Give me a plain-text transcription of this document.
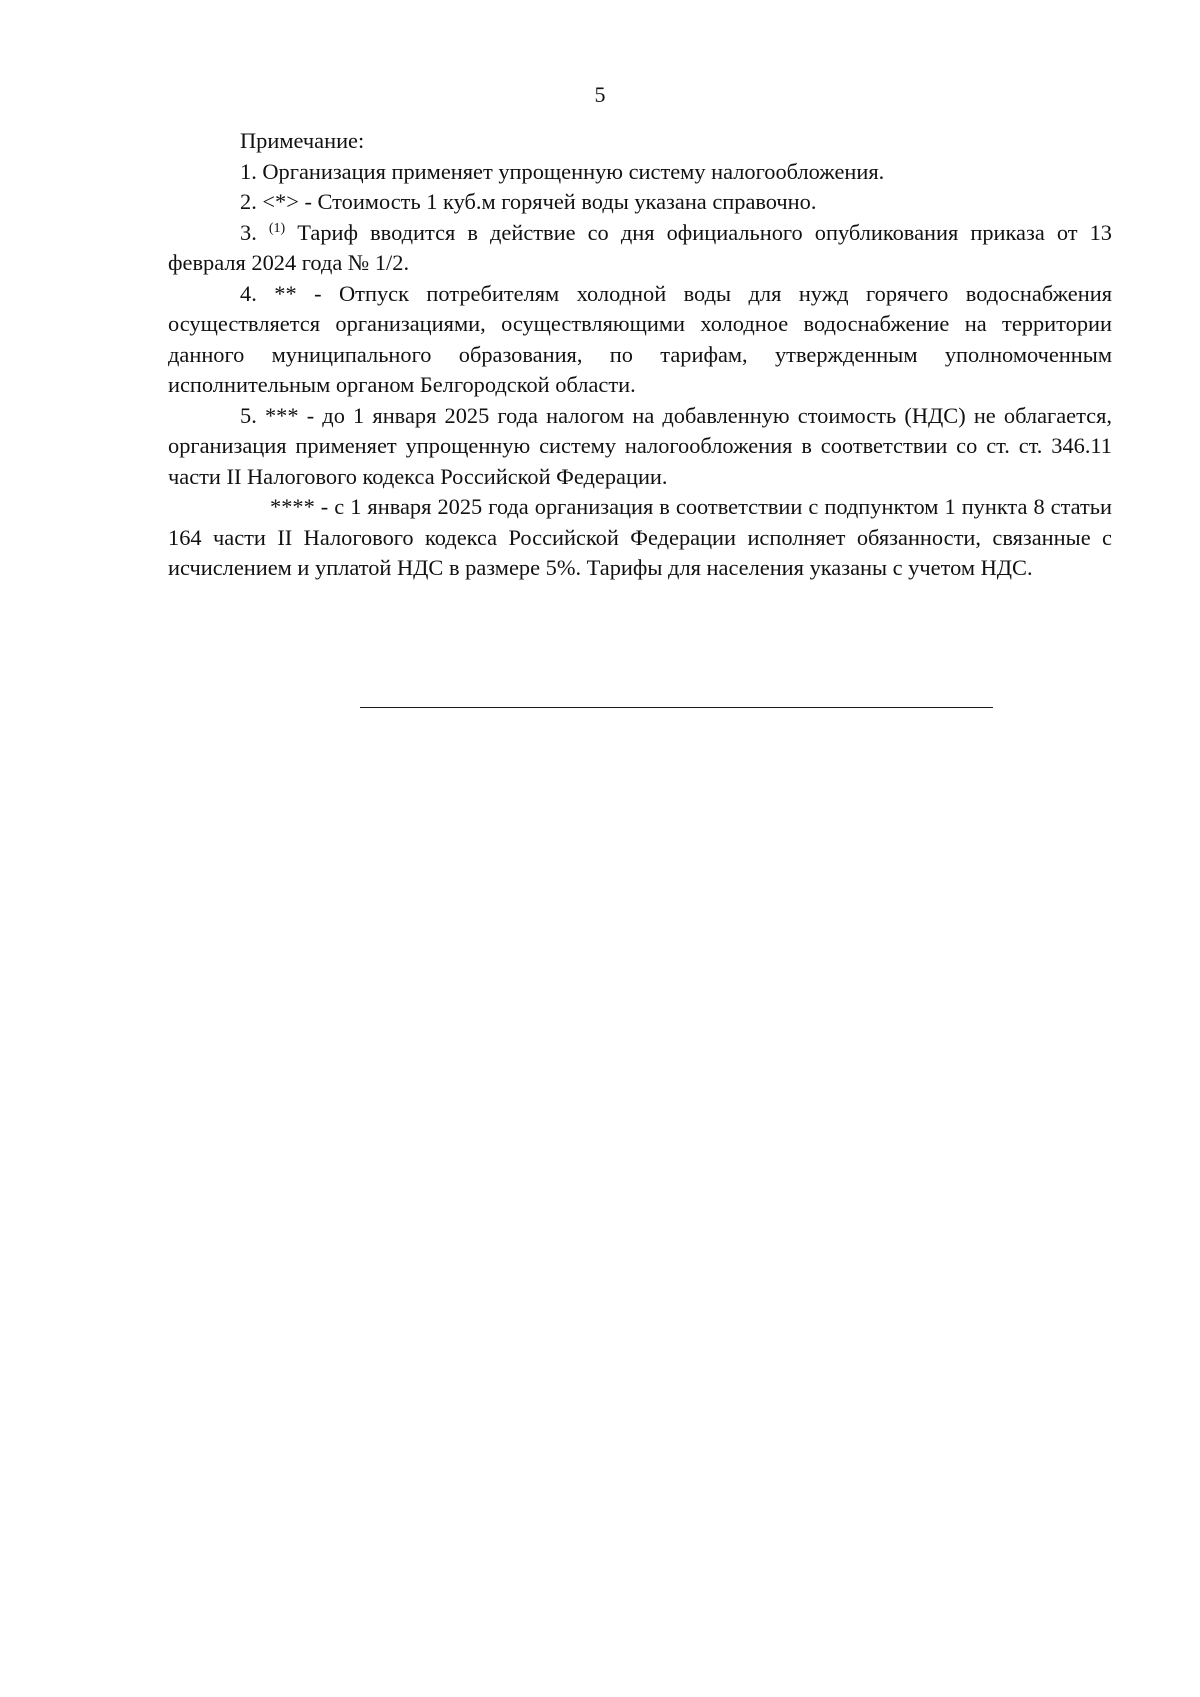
5

Примечание:

1. Организация применяет упрощенную систему налогообложения.

2. <*> - Стоимость 1 куб.м горячей воды указана справочно.

3. $^{(1)}$ Тариф вводится в действие со дня официального опубликования приказа от 13 февраля 2024 года № 1/2.

4. ** - Отпуск потребителям холодной воды для нужд горячего водоснабжения осуществляется организациями, осуществляющими холодное водоснабжение на территории данного муниципального образования, по тарифам, утвержденным уполномоченным исполнительным органом Белгородской области.

5. *** - до 1 января 2025 года налогом на добавленную стоимость (НДС) не облагается, организация применяет упрощенную систему налогообложения в соответствии со ст. ст. 346.11 части II Налогового кодекса Российской Федерации.

**** - с 1 января 2025 года организация в соответствии с подпунктом 1 пункта 8 статьи 164 части II Налогового кодекса Российской Федерации исполняет обязанности, связанные с исчислением и уплатой НДС в размере 5%. Тарифы для населения указаны с учетом НДС.
